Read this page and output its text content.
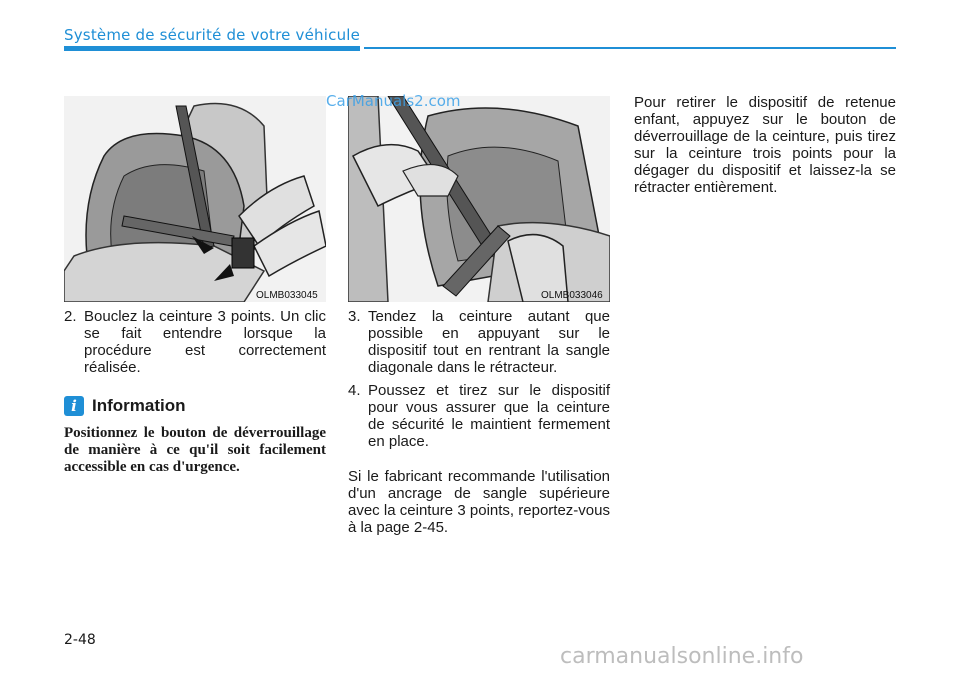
Système de sécurité de votre véhicule
OLMB033045	OLMB033046
CarManuals2.com
2. Bouclez la ceinture 3 points. Un clic se fait entendre lorsque la procédure est correctement réalisée.
i Information
Positionnez le bouton de déverrouillage de manière à ce qu'il soit facilement accessible en cas d'urgence.
3. Tendez la ceinture autant que possible en appuyant sur le dispositif tout en rentrant la sangle diagonale dans le rétracteur.
4. Poussez et tirez sur le dispositif pour vous assurer que la ceinture de sécurité le maintient fermement en place.
Si le fabricant recommande l'utilisation d'un ancrage de sangle supérieure avec la ceinture 3 points, reportez-vous à la page 2-45.
Pour retirer le dispositif de retenue enfant, appuyez sur le bouton de déverrouillage de la ceinture, puis tirez sur la ceinture trois points pour la dégager du dispositif et laissez-la se rétracter entièrement.
2-48
carmanualsonline.info
